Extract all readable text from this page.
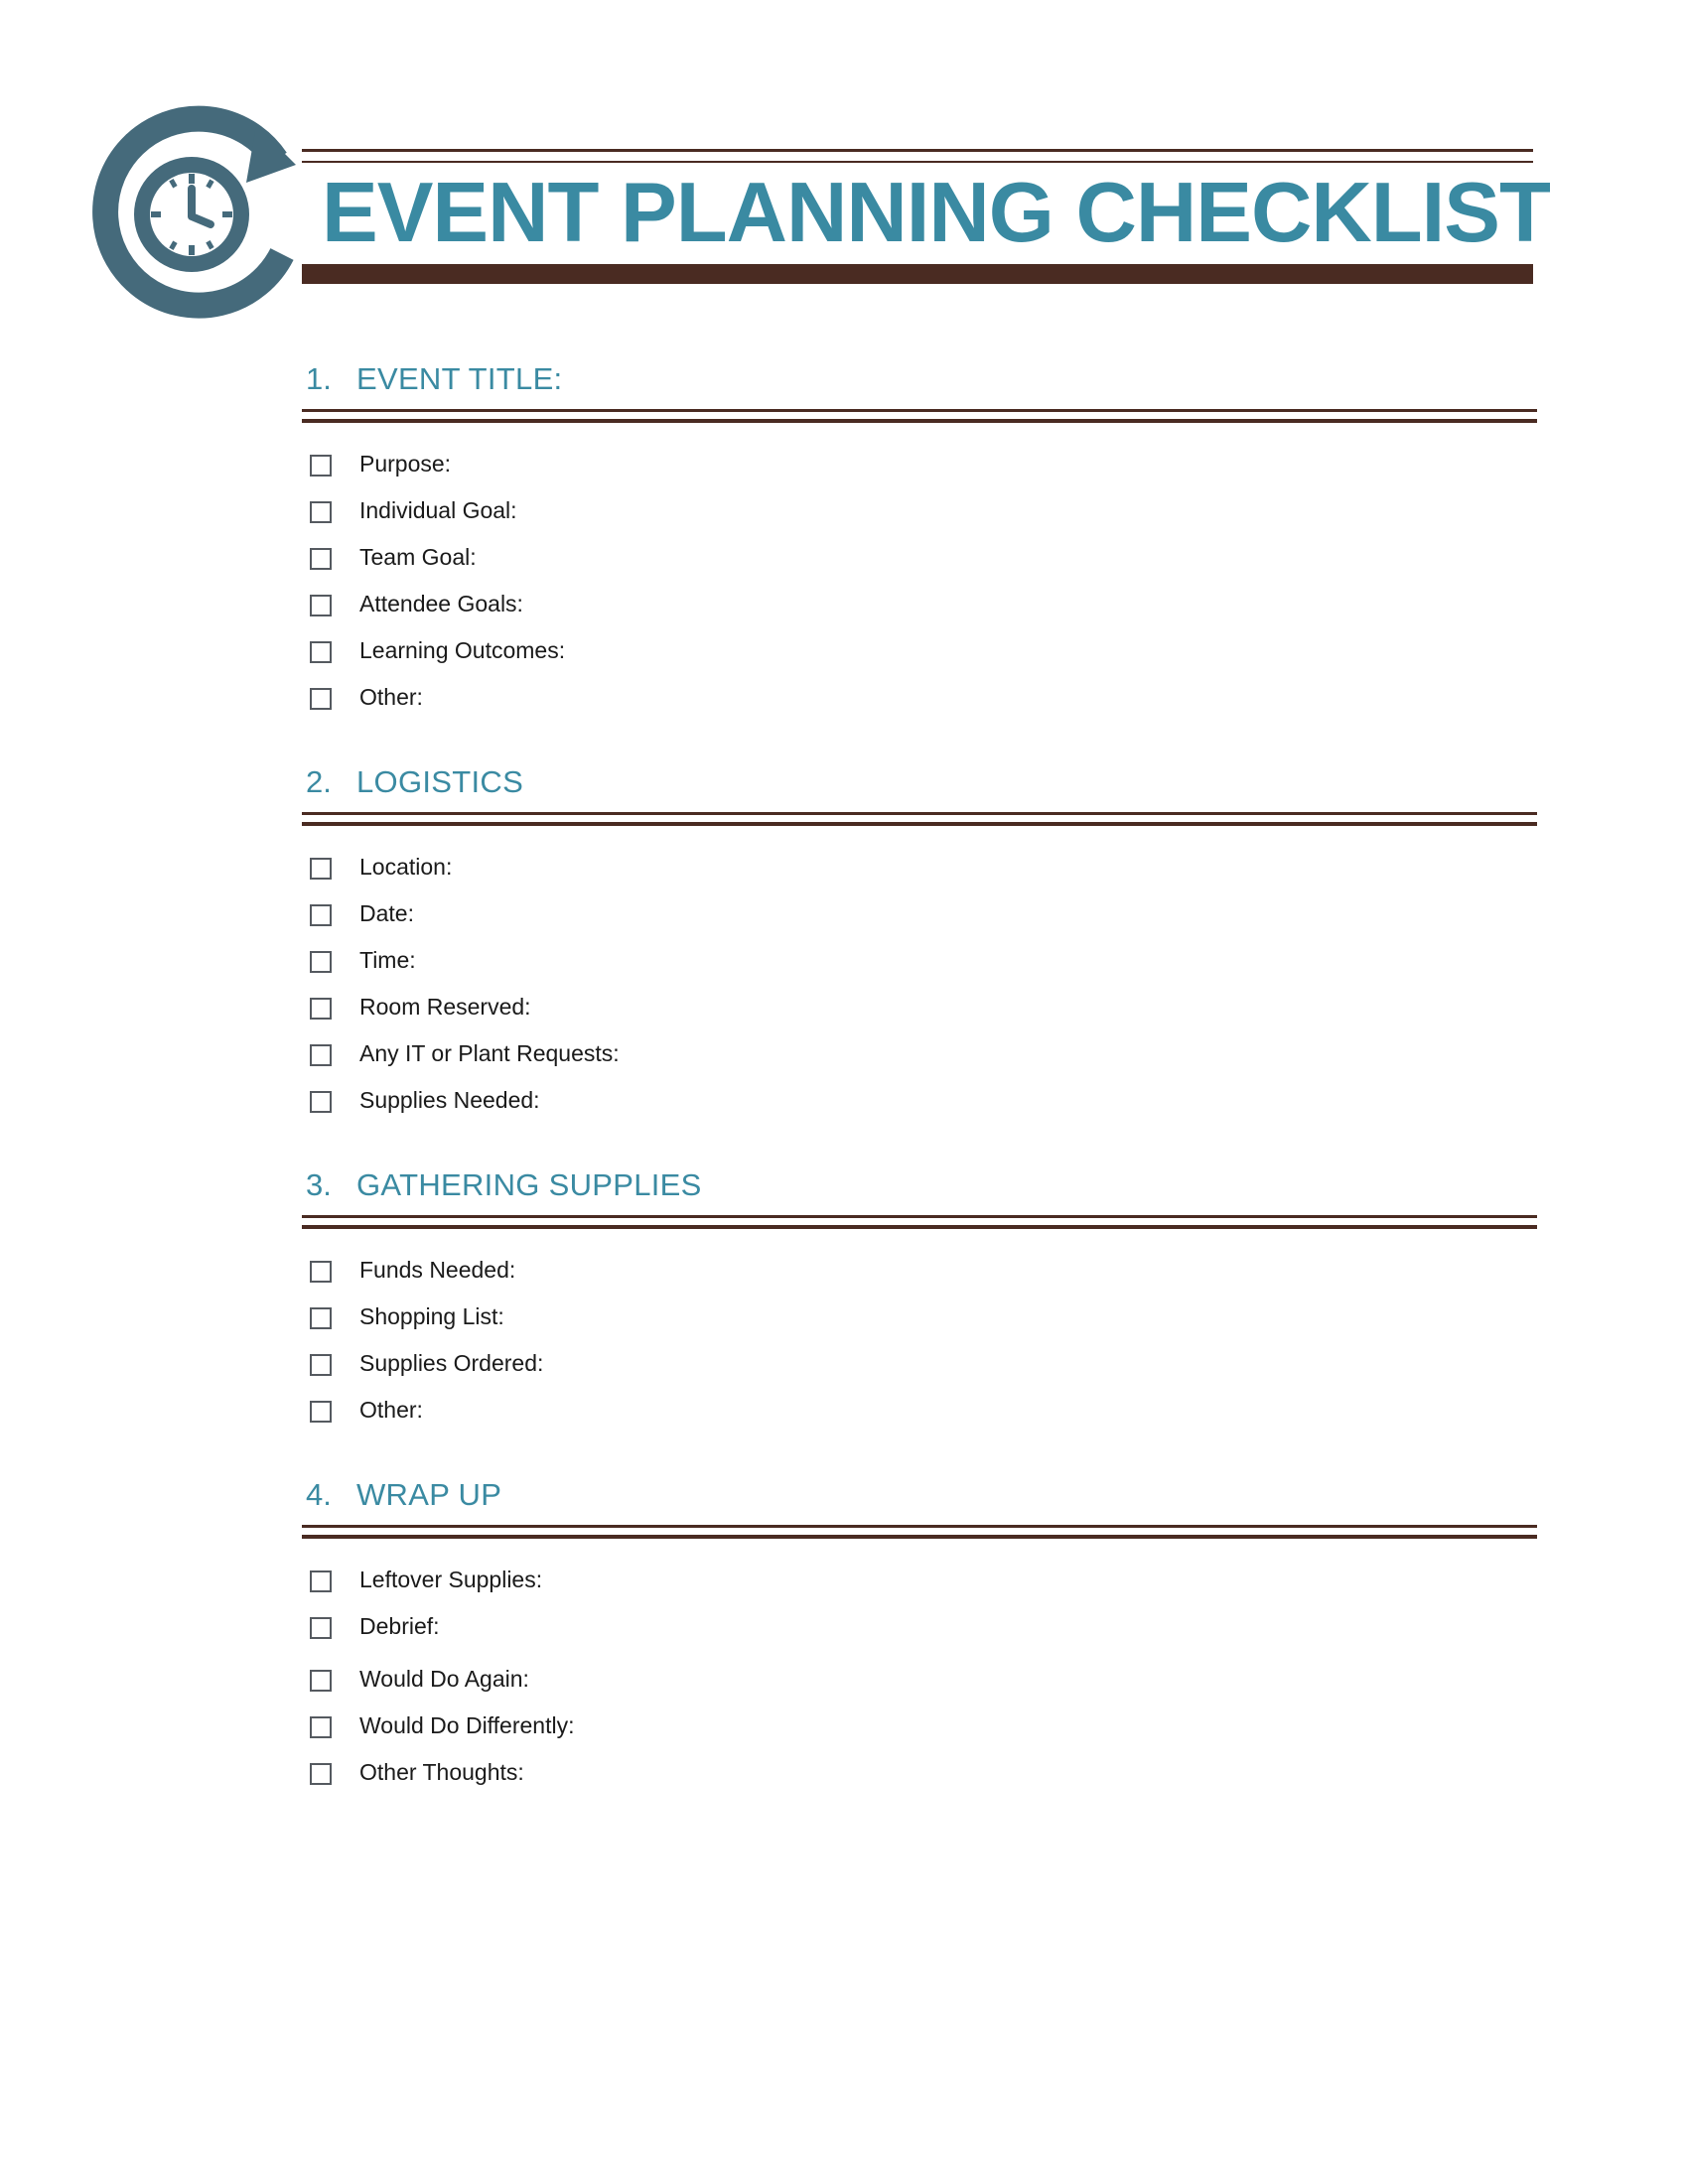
EVENT PLANNING CHECKLIST
1. EVENT TITLE:
Purpose:
Individual Goal:
Team Goal:
Attendee Goals:
Learning Outcomes:
Other:
2. LOGISTICS
Location:
Date:
Time:
Room Reserved:
Any IT or Plant Requests:
Supplies Needed:
3. GATHERING SUPPLIES
Funds Needed:
Shopping List:
Supplies Ordered:
Other:
4. WRAP UP
Leftover Supplies:
Debrief:
Would Do Again:
Would Do Differently:
Other Thoughts:
